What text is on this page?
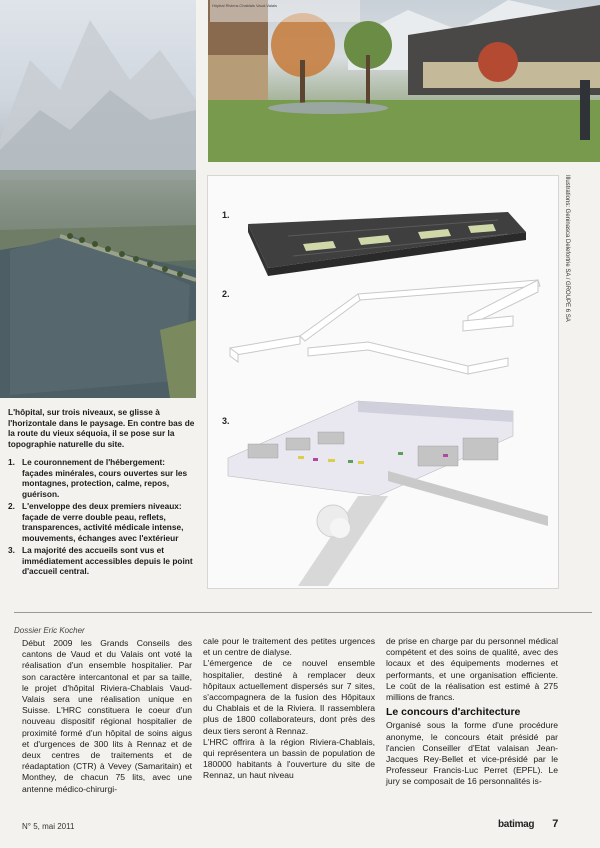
Hôpital Riviera-Chablais Vaud-Valais
1.
2.
3.
Illustrations: Geninasca Delefortrie SA / GROUPE 6 SA

L'hôpital, sur trois niveaux, se glisse à l'horizontale dans le paysage. En contre bas de la route du vieux séquoia, il se pose sur la topographie naturelle du site.

1. Le couronnement de l'hébergement: façades minérales, cours ouvertes sur les montagnes, protection, calme, repos, guérison.
2. L'enveloppe des deux premiers niveaux: façade de verre double peau, reflets, transparences, activité médicale intense, mouvements, échanges avec l'extérieur
3. La majorité des accueils sont vus et immédiatement accessibles depuis le point d'accueil central.
Dossier Eric Kocher

Début 2009 les Grands Conseils des cantons de Vaud et du Valais ont voté la réalisation d'un ensemble hospitalier. Par son caractère intercantonal et par sa taille, le projet d'hôpital Riviera-Chablais Vaud-Valais sera une réalisation unique en Suisse. L'HRC constituera le coeur d'un nouveau dispositif régional hospitalier de proximité formé d'un hôpital de soins aigus et d'urgences de 300 lits à Rennaz et de deux centres de traitements et de réadaptation (CTR) à Vevey (Samaritain) et Monthey, de chacun 75 lits, avec une antenne médico-chirurgi-

cale pour le traitement des petites urgences et un centre de dialyse.

L'émergence de ce nouvel ensemble hospitalier, destiné à remplacer deux hôpitaux actuellement dispersés sur 7 sites, s'accompagnera de la fusion des Hôpitaux du Chablais et de la Riviera. Il rassemblera plus de 1800 collaborateurs, dont près des deux tiers seront à Rennaz.

L'HRC offrira à la région Riviera-Chablais, qui représentera un bassin de population de 180000 habitants à l'ouverture du site de Rennaz, un haut niveau

de prise en charge par du personnel médical compétent et des soins de qualité, avec des locaux et des équipements modernes et performants, et une organisation efficiente. Le coût de la réalisation est estimé à 275 millions de francs.

Le concours d'architecture

Organisé sous la forme d'une procédure anonyme, le concours était présidé par l'ancien Conseiller d'Etat valaisan Jean-Jacques Rey-Bellet et vice-présidé par le Professeur Francis-Luc Perret (EPFL). Le jury se composait de 16 personnalités is-

N° 5, mai 2011	batimag 7
